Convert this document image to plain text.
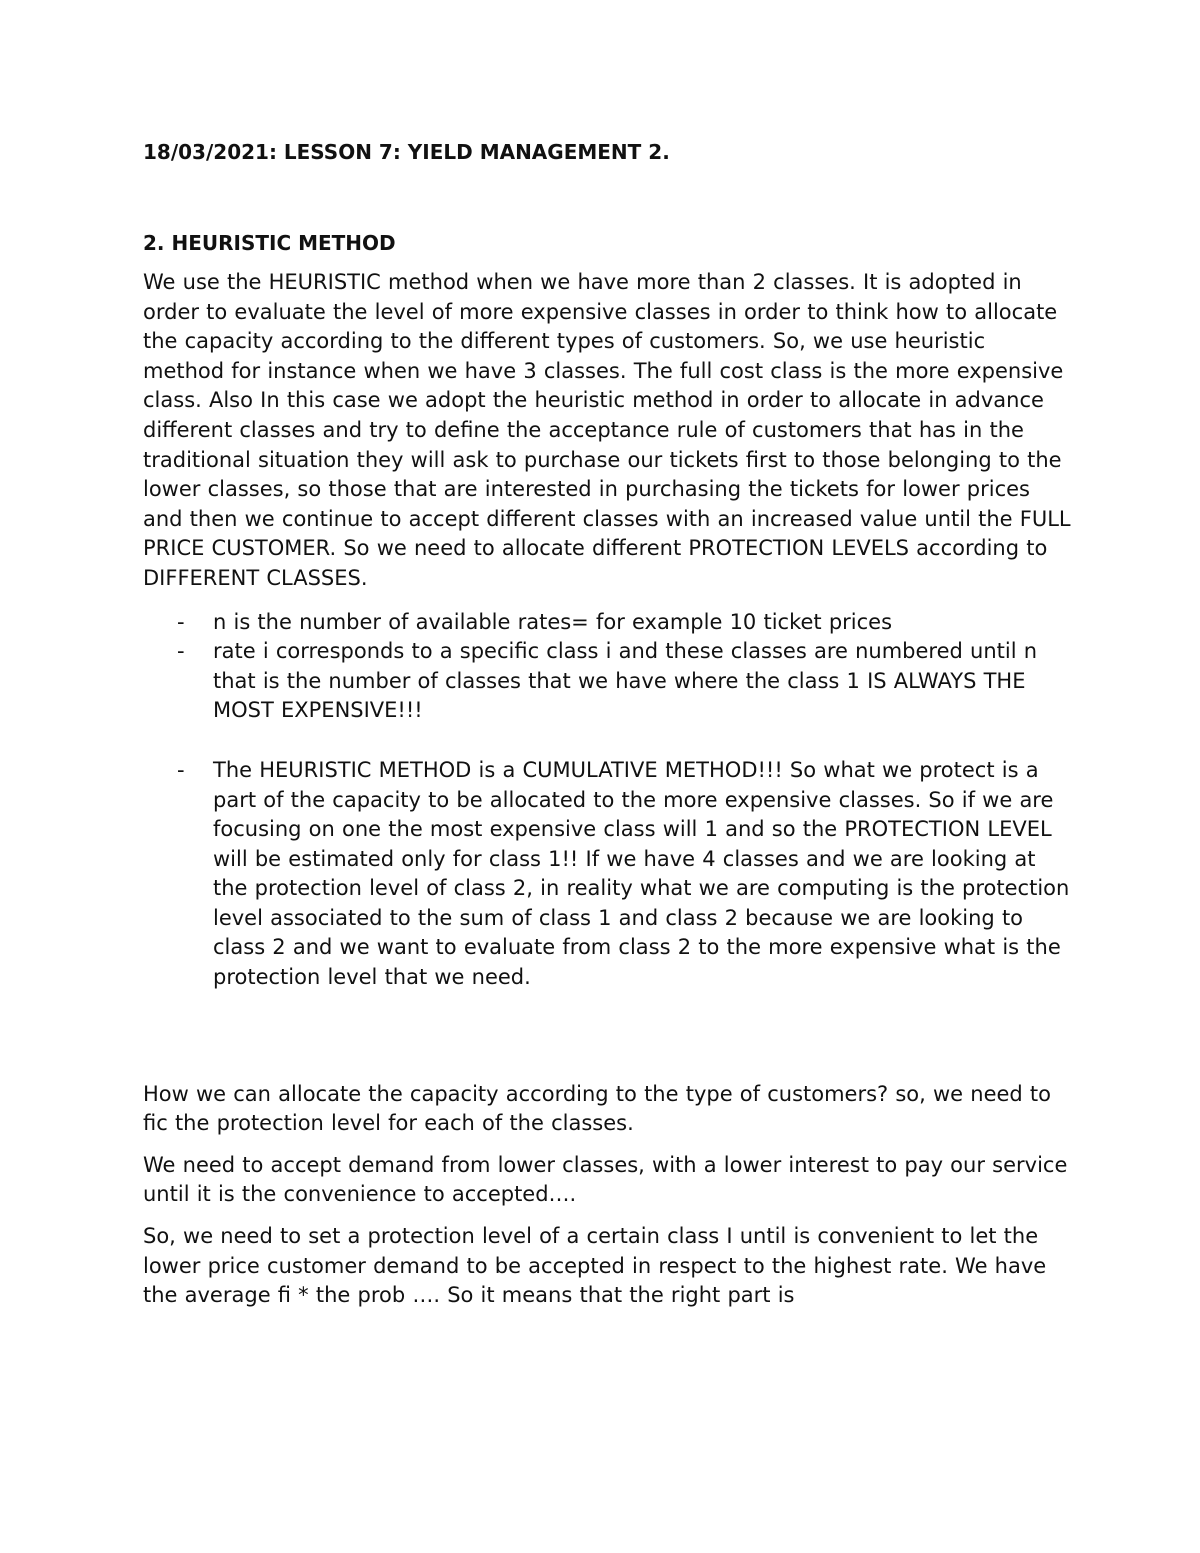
18/03/2021: LESSON 7: YIELD MANAGEMENT 2.

2. HEURISTIC METHOD

We use the HEURISTIC method when we have more than 2 classes. It is adopted in order to evaluate the level of more expensive classes in order to think how to allocate the capacity according to the different types of customers. So, we use heuristic method for instance when we have 3 classes. The full cost class is the more expensive class. Also In this case we adopt the heuristic method in order to allocate in advance different classes and try to define the acceptance rule of customers that has in the traditional situation they will ask to purchase our tickets first to those belonging to the lower classes, so those that are interested in purchasing the tickets for lower prices and then we continue to accept different classes with an increased value until the FULL PRICE CUSTOMER. So we need to allocate different PROTECTION LEVELS according to DIFFERENT CLASSES.

- n is the number of available rates= for example 10 ticket prices
- rate i corresponds to a specific class i and these classes are numbered until n that is the number of classes that we have where the class 1 IS ALWAYS THE MOST EXPENSIVE!!!
- The HEURISTIC METHOD is a CUMULATIVE METHOD!!! So what we protect is a part of the capacity to be allocated to the more expensive classes. So if we are focusing on one the most expensive class will 1 and so the PROTECTION LEVEL will be estimated only for class 1!! If we have 4 classes and we are looking at the protection level of class 2, in reality what we are computing is the protection level associated to the sum of class 1 and class 2 because we are looking to class 2 and we want to evaluate from class 2 to the more expensive what is the protection level that we need.

How we can allocate the capacity according to the type of customers? so, we need to fic the protection level for each of the classes.

We need to accept demand from lower classes, with a lower interest to pay our service until it is the convenience to accepted….

So, we need to set a protection level of a certain class I until is convenient to let the lower price customer demand to be accepted in respect to the highest rate. We have the average fi * the prob …. So it means that the right part is
